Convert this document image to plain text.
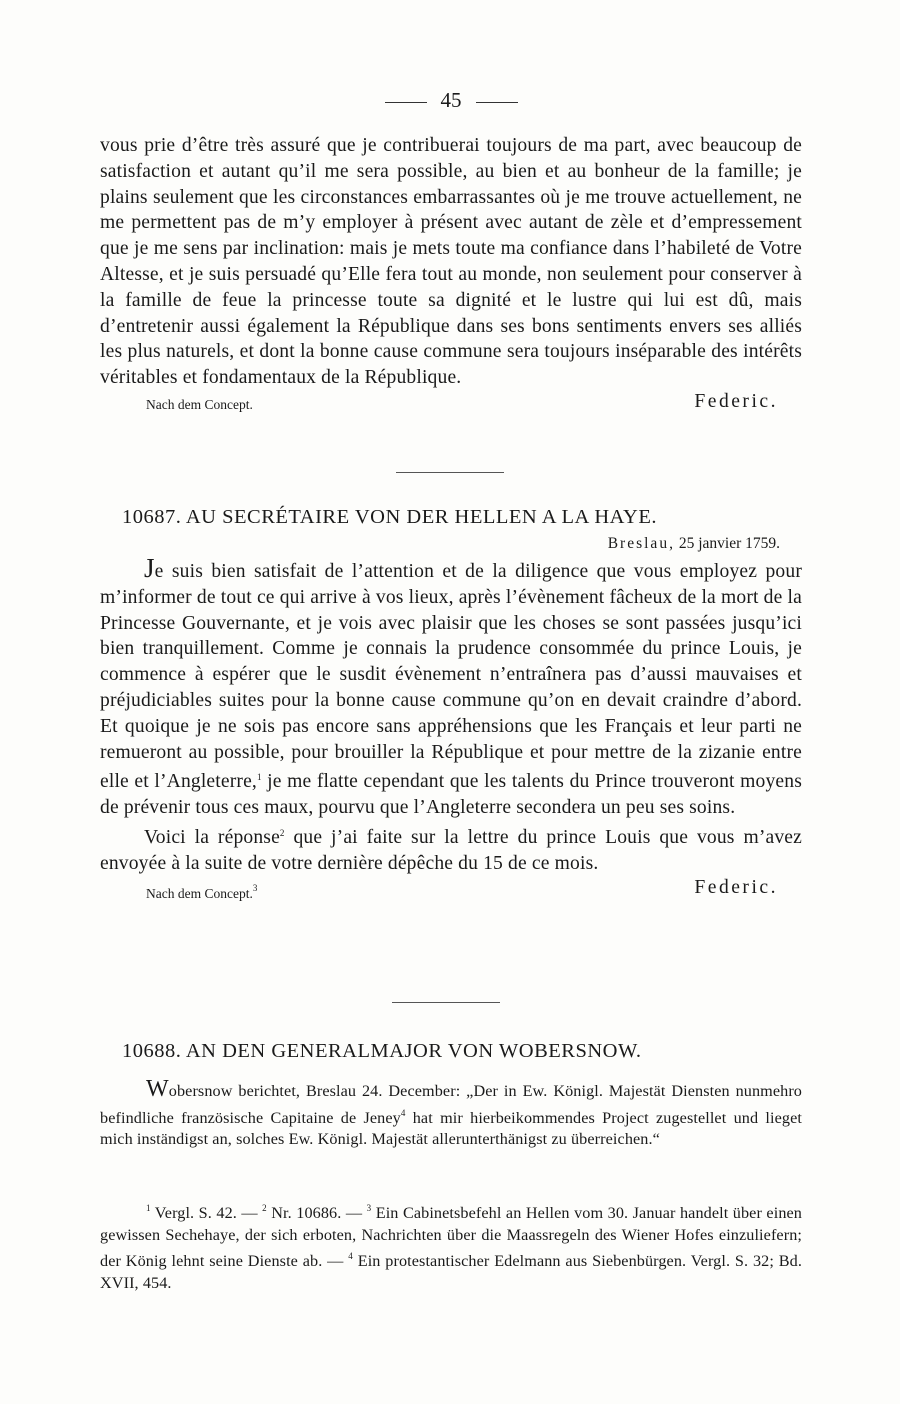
45

vous prie d’être très assuré que je contribuerai toujours de ma part, avec beaucoup de satisfaction et autant qu’il me sera possible, au bien et au bonheur de la famille; je plains seulement que les circonstances embarrassantes où je me trouve actuellement, ne me permettent pas de m’y employer à présent avec autant de zèle et d’empressement que je me sens par inclination: mais je mets toute ma confiance dans l’habileté de Votre Altesse, et je suis persuadé qu’Elle fera tout au monde, non seulement pour conserver à la famille de feue la princesse toute sa dignité et le lustre qui lui est dû, mais d’entretenir aussi également la République dans ses bons sentiments envers ses alliés les plus naturels, et dont la bonne cause commune sera toujours inséparable des intérêts véritables et fondamentaux de la République.

Nach dem Concept.	Federic.

10687. AU SECRÉTAIRE VON DER HELLEN A LA HAYE.

Breslau, 25 janvier 1759.

Je suis bien satisfait de l’attention et de la diligence que vous employez pour m’informer de tout ce qui arrive à vos lieux, après l’évènement fâcheux de la mort de la Princesse Gouvernante, et je vois avec plaisir que les choses se sont passées jusqu’ici bien tranquillement. Comme je connais la prudence consommée du prince Louis, je commence à espérer que le susdit évènement n’entraînera pas d’aussi mauvaises et préjudiciables suites pour la bonne cause commune qu’on en devait craindre d’abord. Et quoique je ne sois pas encore sans appréhensions que les Français et leur parti ne remueront au possible, pour brouiller la République et pour mettre de la zizanie entre elle et l’Angleterre,$^1$ je me flatte cependant que les talents du Prince trouveront moyens de prévenir tous ces maux, pourvu que l’Angleterre secondera un peu ses soins.

Voici la réponse$^2$ que j’ai faite sur la lettre du prince Louis que vous m’avez envoyée à la suite de votre dernière dépêche du 15 de ce mois.

Nach dem Concept.$^3$	Federic.

10688. AN DEN GENERALMAJOR VON WOBERSNOW.

Wobersnow berichtet, Breslau 24. December: „Der in Ew. Königl. Majestät Diensten nunmehro befindliche französische Capitaine de Jeney$^4$ hat mir hierbeikommendes Project zugestellet und lieget mich inständigst an, solches Ew. Königl. Majestät allerunterthänigst zu überreichen.“

$^1$ Vergl. S. 42. — $^2$ Nr. 10686. — $^3$ Ein Cabinetsbefehl an Hellen vom 30. Januar handelt über einen gewissen Sechehaye, der sich erboten, Nachrichten über die Maassregeln des Wiener Hofes einzuliefern; der König lehnt seine Dienste ab. — $^4$ Ein protestantischer Edelmann aus Siebenbürgen. Vergl. S. 32; Bd. XVII, 454.
